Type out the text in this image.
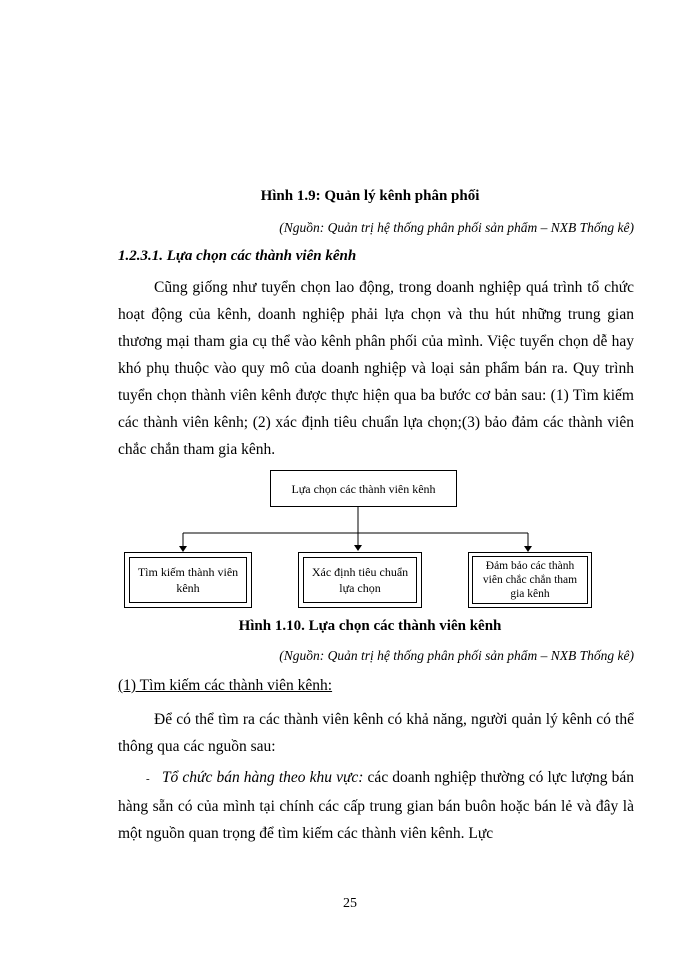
Hình 1.9: Quản lý kênh phân phối
(Nguồn: Quản trị hệ thống phân phối sản phẩm – NXB Thống kê)
1.2.3.1. Lựa chọn các thành viên kênh

Cũng giống như tuyển chọn lao động, trong doanh nghiệp quá trình tổ chức hoạt động của kênh, doanh nghiệp phải lựa chọn và thu hút những trung gian thương mại tham gia cụ thể vào kênh phân phối của mình. Việc tuyển chọn dễ hay khó phụ thuộc vào quy mô của doanh nghiệp và loại sản phẩm bán ra. Quy trình tuyển chọn thành viên kênh được thực hiện qua ba bước cơ bản sau: (1) Tìm kiếm các thành viên kênh; (2) xác định tiêu chuẩn lựa chọn;(3) bảo đảm các thành viên chắc chắn tham gia kênh.

Lựa chọn các thành viên kênh
Tìm kiếm thành viên kênh
Xác định tiêu chuẩn lựa chọn
Đảm bảo các thành viên chắc chắn tham gia kênh
Hình 1.10. Lựa chọn các thành viên kênh
(Nguồn: Quản trị hệ thống phân phối sản phẩm – NXB Thống kê)
(1) Tìm kiếm các thành viên kênh:

Để có thể tìm ra các thành viên kênh có khả năng, người quản lý kênh có thể thông qua các nguồn sau:

- Tổ chức bán hàng theo khu vực: các doanh nghiệp thường có lực lượng bán hàng sẵn có của mình tại chính các cấp trung gian bán buôn hoặc bán lẻ và đây là một nguồn quan trọng để tìm kiếm các thành viên kênh. Lực

25
